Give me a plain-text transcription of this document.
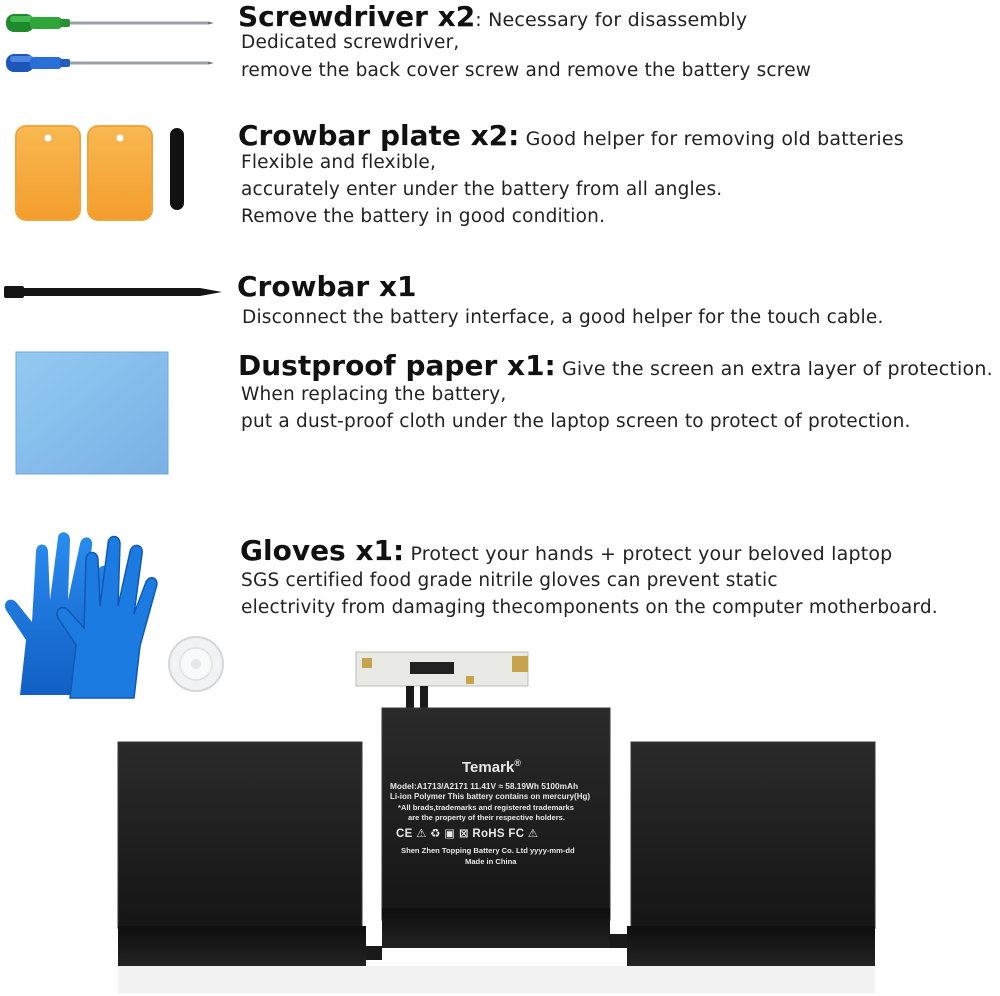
Screwdriver x2: Necessary for disassembly
Dedicated screwdriver,
remove the back cover screw and remove the battery screw
Crowbar plate x2: Good helper for removing old batteries
Flexible and flexible,
accurately enter under the battery from all angles.
Remove the battery in good condition.
Crowbar x1
Disconnect the battery interface, a good helper for the touch cable.
Dustproof paper x1: Give the screen an extra layer of protection.
When replacing the battery,
put a dust-proof cloth under the laptop screen to protect of protection.
Gloves x1: Protect your hands + protect your beloved laptop
SGS certified food grade nitrile gloves can prevent static
electrivity from damaging thecomponents on the computer motherboard.
Temark®
Model:A1713/A2171 11.41V ≈ 58.19Wh 5100mAh
Li-ion Polymer This battery contains on mercury(Hg)
*All brads,trademarks and registered trademarks
are the property of their respective holders.
CE ⚠ ♻ ▣ ⊠ RoHS FC ⚠
Shen Zhen Topping Battery Co. Ltd yyyy-mm-dd
Made in China
